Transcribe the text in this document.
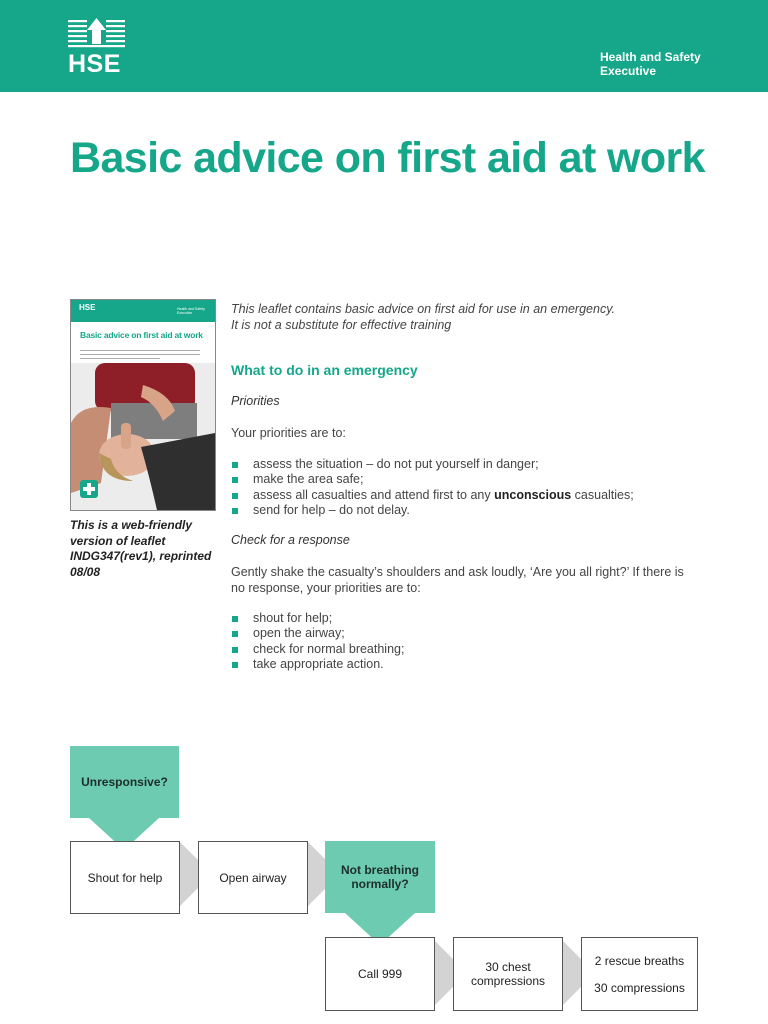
HSE	Health and Safety Executive
Basic advice on first aid at work
HSE	Health and Safety Executive
Basic advice on first aid at work
This is a web-friendly version of leaflet INDG347(rev1), reprinted 08/08
This leaflet contains basic advice on first aid for use in an emergency.
It is not a substitute for effective training
What to do in an emergency
Priorities
Your priorities are to:
assess the situation – do not put yourself in danger;
make the area safe;
assess all casualties and attend first to any unconscious casualties;
send for help – do not delay.
Check for a response
Gently shake the casualty’s shoulders and ask loudly, ‘Are you all right?’ If there is no response, your priorities are to:
shout for help;
open the airway;
check for normal breathing;
take appropriate action.
Unresponsive?
Shout for help	Open airway
Not breathing normally?
Call 999	30 chest compressions
2 rescue breaths
30 compressions
